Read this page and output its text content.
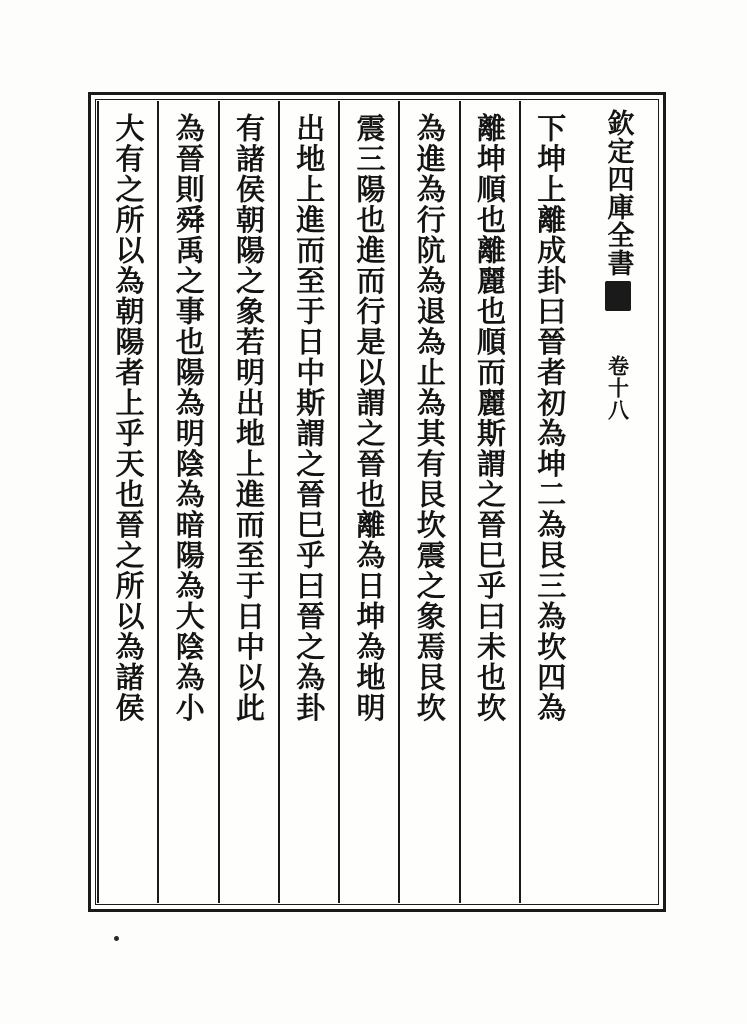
欽定四庫全書
卷十八
下坤上離成卦曰晉者初為坤二為艮三為坎四為
離坤順也離麗也順而麗斯謂之晉巳乎曰未也坎
為進為行阬為退為止為其有艮坎震之象焉艮坎
震三陽也進而行是以謂之晉也離為日坤為地明
出地上進而至于日中斯謂之晉巳乎曰晉之為卦
有諸侯朝陽之象若明出地上進而至于日中以此
為晉則舜禹之事也陽為明陰為暗陽為大陰為小
大有之所以為朝陽者上乎天也晉之所以為諸侯
